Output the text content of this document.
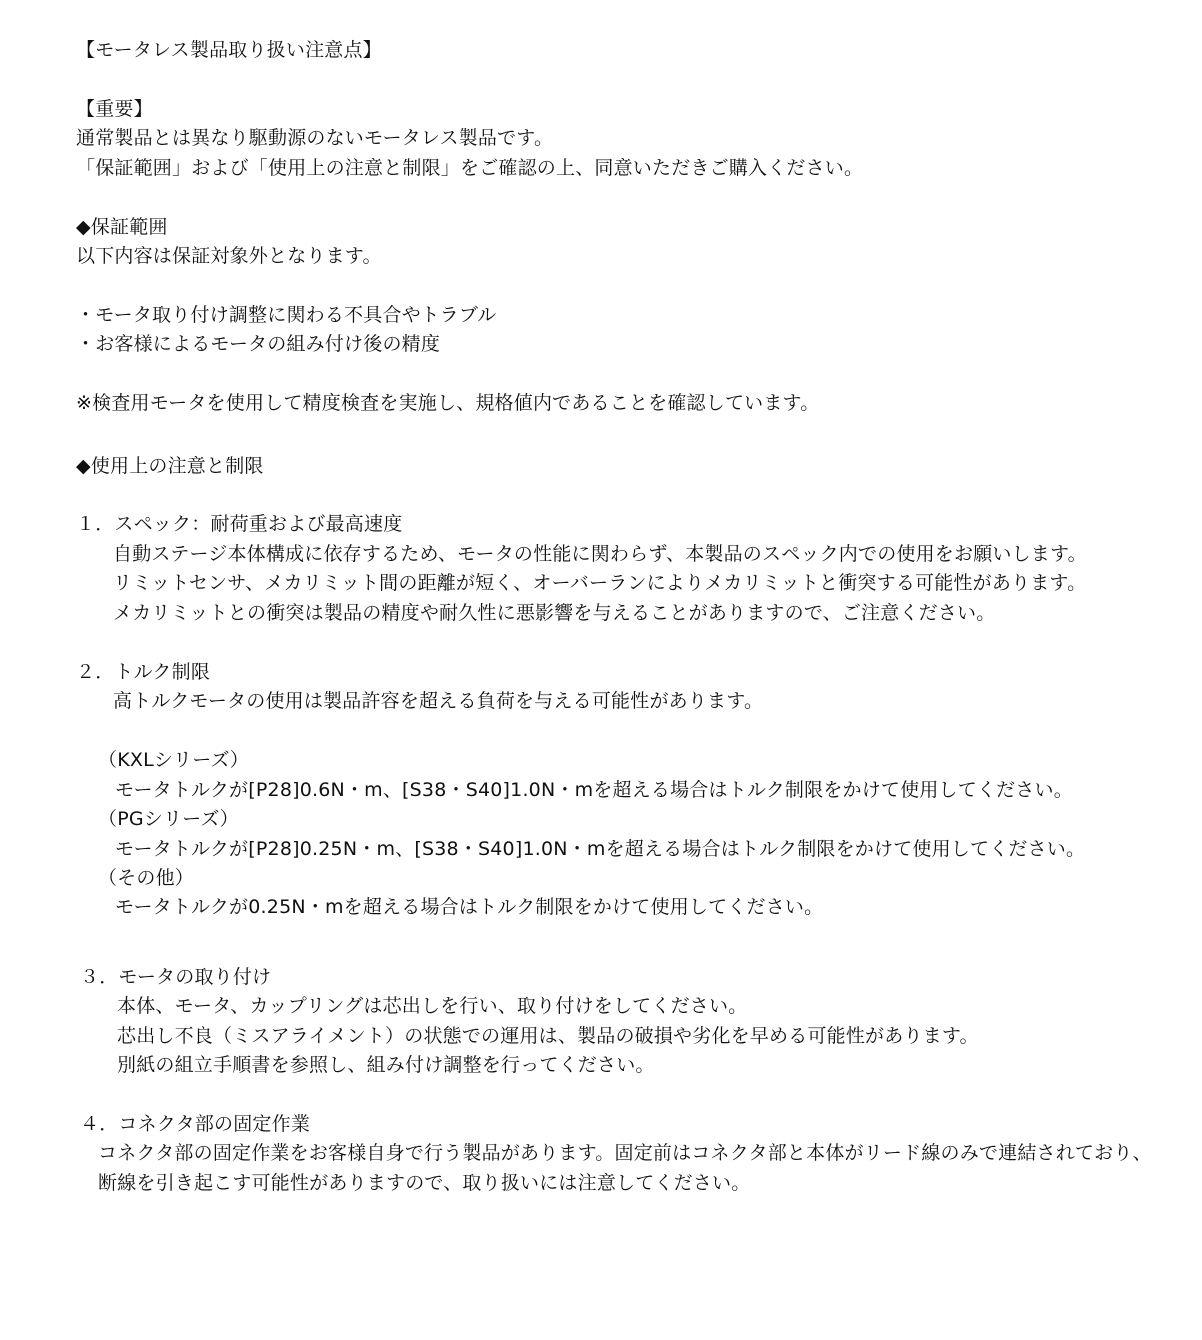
【モータレス製品取り扱い注意点】

【重要】

通常製品とは異なり駆動源のないモータレス製品です。

「保証範囲」および「使用上の注意と制限」をご確認の上、同意いただきご購入ください。

◆保証範囲

以下内容は保証対象外となります。

・モータ取り付け調整に関わる不具合やトラブル

・お客様によるモータの組み付け後の精度

※検査用モータを使用して精度検査を実施し、規格値内であることを確認しています。

◆使用上の注意と制限

１．スペック：耐荷重および最高速度

自動ステージ本体構成に依存するため、モータの性能に関わらず、本製品のスペック内での使用をお願いします。

リミットセンサ、メカリミット間の距離が短く、オーバーランによりメカリミットと衝突する可能性があります。

メカリミットとの衝突は製品の精度や耐久性に悪影響を与えることがありますので、ご注意ください。

２．トルク制限

高トルクモータの使用は製品許容を超える負荷を与える可能性があります。

（KXLシリーズ）

モータトルクが[P28]0.6N・m、[S38・S40]1.0N・mを超える場合はトルク制限をかけて使用してください。

（PGシリーズ）

モータトルクが[P28]0.25N・m、[S38・S40]1.0N・mを超える場合はトルク制限をかけて使用してください。

（その他）

モータトルクが0.25N・mを超える場合はトルク制限をかけて使用してください。

３．モータの取り付け

本体、モータ、カップリングは芯出しを行い、取り付けをしてください。

芯出し不良（ミスアライメント）の状態での運用は、製品の破損や劣化を早める可能性があります。

別紙の組立手順書を参照し、組み付け調整を行ってください。

４．コネクタ部の固定作業

コネクタ部の固定作業をお客様自身で行う製品があります。固定前はコネクタ部と本体がリード線のみで連結されており、

断線を引き起こす可能性がありますので、取り扱いには注意してください。
